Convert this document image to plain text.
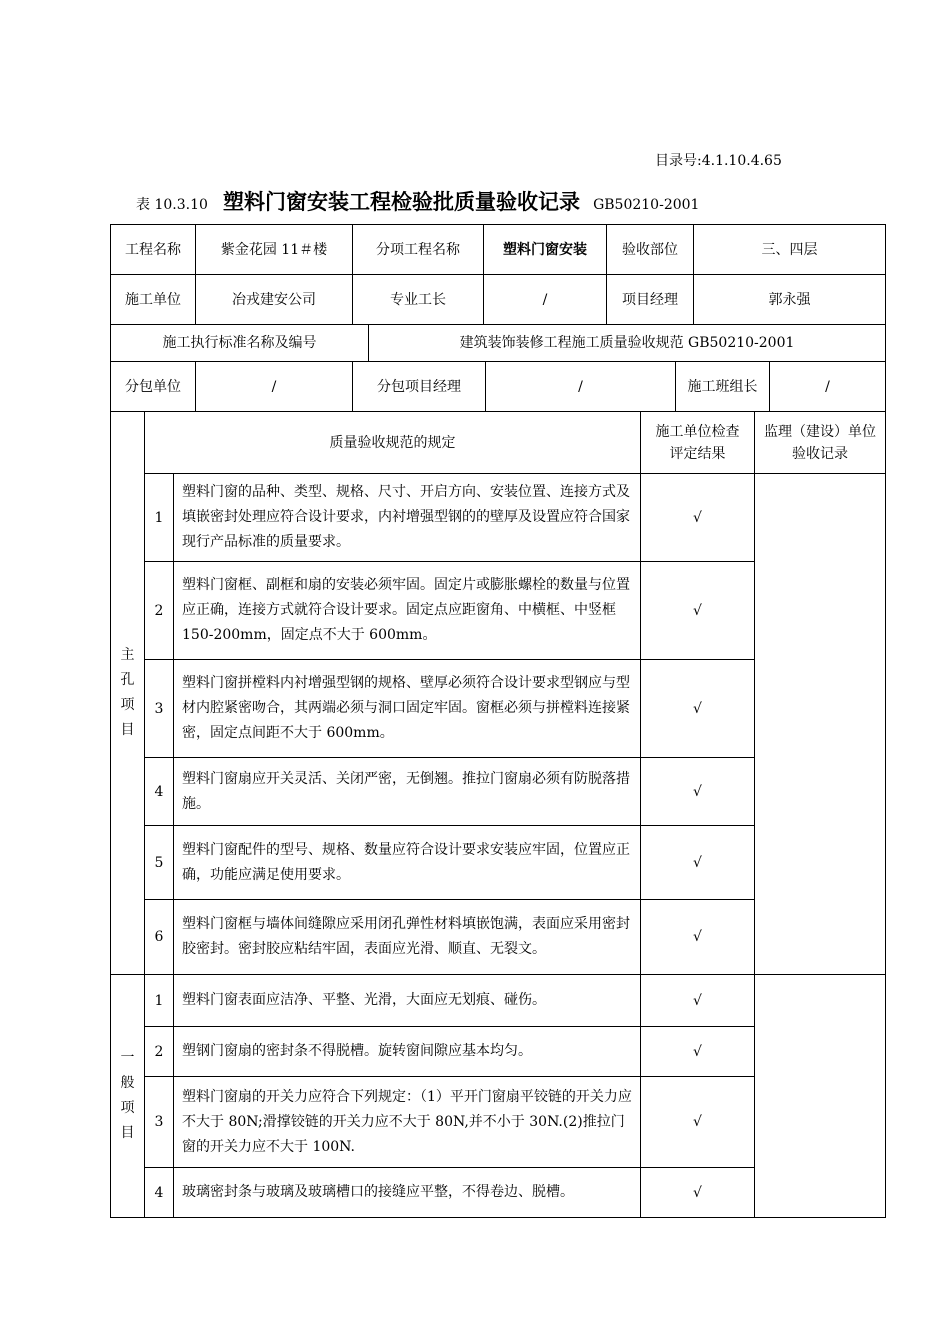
目录号:4.1.10.4.65
表 10.3.10 塑料门窗安装工程检验批质量验收记录 GB50210-2001
工程名称	紫金花园 11＃楼	分项工程名称	塑料门窗安装	验收部位	三、四层
施工单位	冶戎建安公司	专业工长	/	项目经理	郭永强
施工执行标准名称及编号	建筑装饰装修工程施工质量验收规范 GB50210-2001
分包单位	/	分包项目经理	/	施工班组长	/
主孔项目	质量验收规范的规定		施工单位检查评定结果	监理（建设）单位验收记录

	1	塑料门窗的品种、类型、规格、尺寸、开启方向、安装位置、连接方式及填嵌密封处理应符合设计要求，内衬增强型钢的的壁厚及设置应符合国家现行产品标准的质量要求。	√	
	2	塑料门窗框、副框和扇的安装必须牢固。固定片或膨胀螺栓的数量与位置应正确，连接方式就符合设计要求。固定点应距窗角、中横框、中竖框 150-200mm，固定点不大于 600mm。	√	
	3	塑料门窗拼樘料内衬增强型钢的规格、壁厚必须符合设计要求型钢应与型材内腔紧密吻合，其两端必须与洞口固定牢固。窗框必须与拼樘料连接紧密，固定点间距不大于 600mm。	√	
	4	塑料门窗扇应开关灵活、关闭严密，无倒翘。推拉门窗扇必须有防脱落措施。	√	
	5	塑料门窗配件的型号、规格、数量应符合设计要求安装应牢固，位置应正确，功能应满足使用要求。	√	
	6	塑料门窗框与墙体间缝隙应采用闭孔弹性材料填嵌饱满，表面应采用密封胶密封。密封胶应粘结牢固，表面应光滑、顺直、无裂文。	√	

一般项目	1	塑料门窗表面应洁净、平整、光滑，大面应无划痕、碰伤。	√	
	2	塑钢门窗扇的密封条不得脱槽。旋转窗间隙应基本均匀。	√	
	3	塑料门窗扇的开关力应符合下列规定：（1）平开门窗扇平铰链的开关力应不大于 80N;滑撑铰链的开关力应不大于 80N,并不小于 30N.(2)推拉门窗的开关力应不大于 100N.	√	
	4	玻璃密封条与玻璃及玻璃槽口的接缝应平整，不得卷边、脱槽。	√	
